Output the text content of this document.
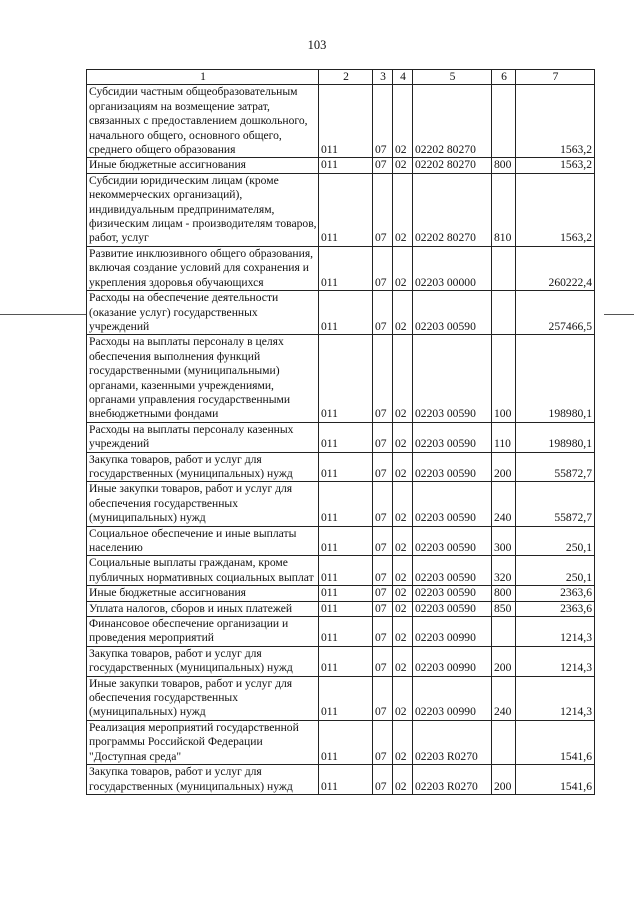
103
1	2	3	4	5	6	7
Субсидии частным общеобразовательным организациям на возмещение затрат, связанных с предоставлением дошкольного, начального общего, основного общего, среднего общего образования	011	07	02	02202 80270		1563,2
Иные бюджетные ассигнования	011	07	02	02202 80270	800	1563,2
Субсидии юридическим лицам (кроме некоммерческих организаций), индивидуальным предпринимателям, физическим лицам - производителям товаров, работ, услуг	011	07	02	02202 80270	810	1563,2
Развитие инклюзивного общего образования, включая создание условий для сохранения и укрепления здоровья обучающихся	011	07	02	02203 00000		260222,4
Расходы на обеспечение деятельности (оказание услуг) государственных учреждений	011	07	02	02203 00590		257466,5
Расходы на выплаты персоналу в целях обеспечения выполнения функций государственными (муниципальными) органами, казенными учреждениями, органами управления государственными внебюджетными фондами	011	07	02	02203 00590	100	198980,1
Расходы на выплаты персоналу казенных учреждений	011	07	02	02203 00590	110	198980,1
Закупка товаров, работ и услуг для государственных (муниципальных) нужд	011	07	02	02203 00590	200	55872,7
Иные закупки товаров, работ и услуг для обеспечения государственных (муниципальных) нужд	011	07	02	02203 00590	240	55872,7
Социальное обеспечение и иные выплаты населению	011	07	02	02203 00590	300	250,1
Социальные выплаты гражданам, кроме публичных нормативных социальных выплат	011	07	02	02203 00590	320	250,1
Иные бюджетные ассигнования	011	07	02	02203 00590	800	2363,6
Уплата налогов, сборов и иных платежей	011	07	02	02203 00590	850	2363,6
Финансовое обеспечение организации и проведения мероприятий	011	07	02	02203 00990		1214,3
Закупка товаров, работ и услуг для государственных (муниципальных) нужд	011	07	02	02203 00990	200	1214,3
Иные закупки товаров, работ и услуг для обеспечения государственных (муниципальных) нужд	011	07	02	02203 00990	240	1214,3
Реализация мероприятий государственной программы Российской Федерации "Доступная среда"	011	07	02	02203 R0270		1541,6
Закупка товаров, работ и услуг для государственных (муниципальных) нужд	011	07	02	02203 R0270	200	1541,6
